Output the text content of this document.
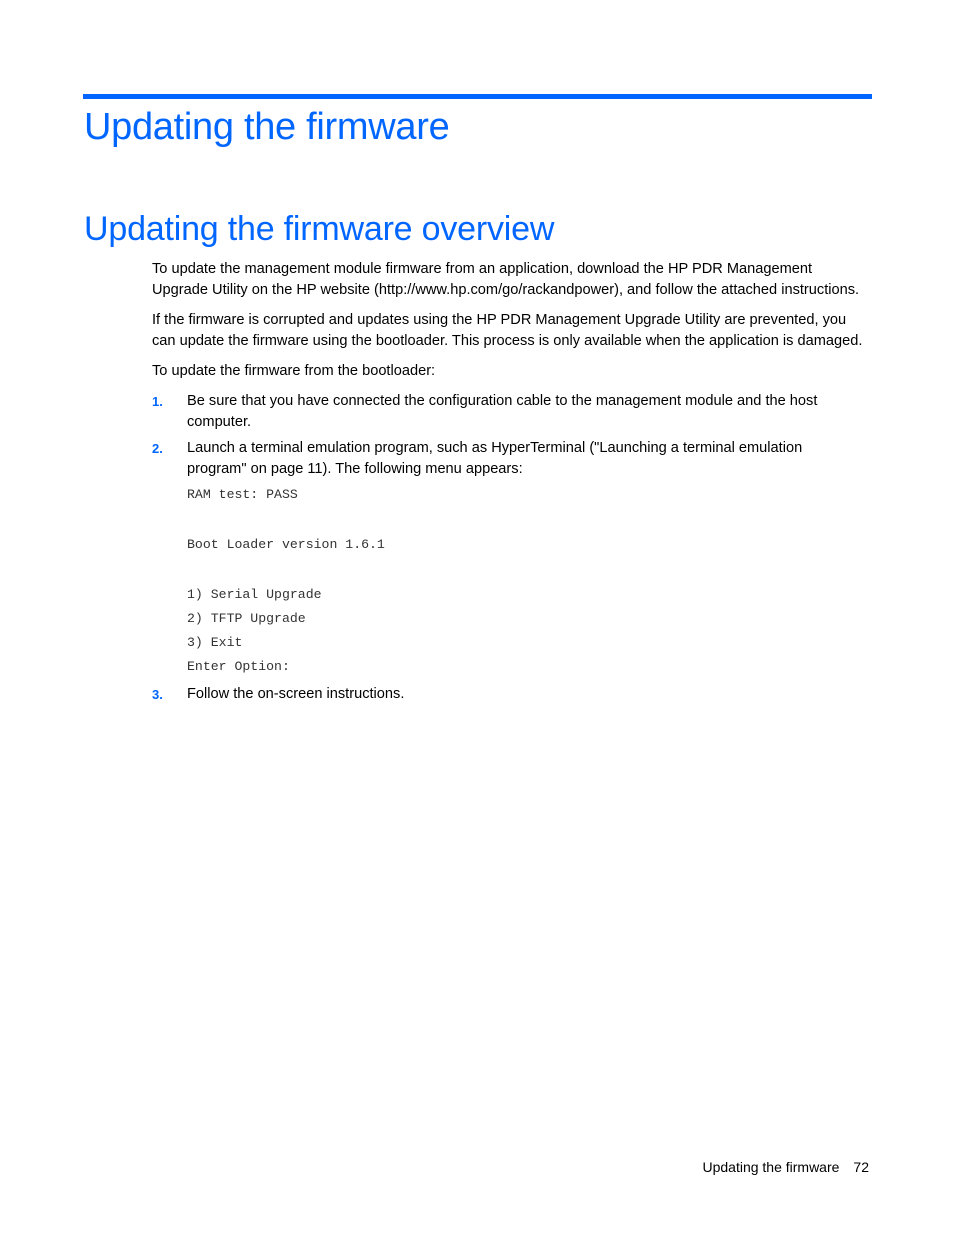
Updating the firmware
Updating the firmware overview

To update the management module firmware from an application, download the HP PDR Management Upgrade Utility on the HP website (http://www.hp.com/go/rackandpower), and follow the attached instructions.

If the firmware is corrupted and updates using the HP PDR Management Upgrade Utility are prevented, you can update the firmware using the bootloader. This process is only available when the application is damaged.

To update the firmware from the bootloader:

1. Be sure that you have connected the configuration cable to the management module and the host computer.
2. Launch a terminal emulation program, such as HyperTerminal ("Launching a terminal emulation program" on page 11). The following menu appears:
RAM test: PASS
Boot Loader version 1.6.1
1) Serial Upgrade
2) TFTP Upgrade
3) Exit
Enter Option:
3. Follow the on-screen instructions.
Updating the firmware 72
